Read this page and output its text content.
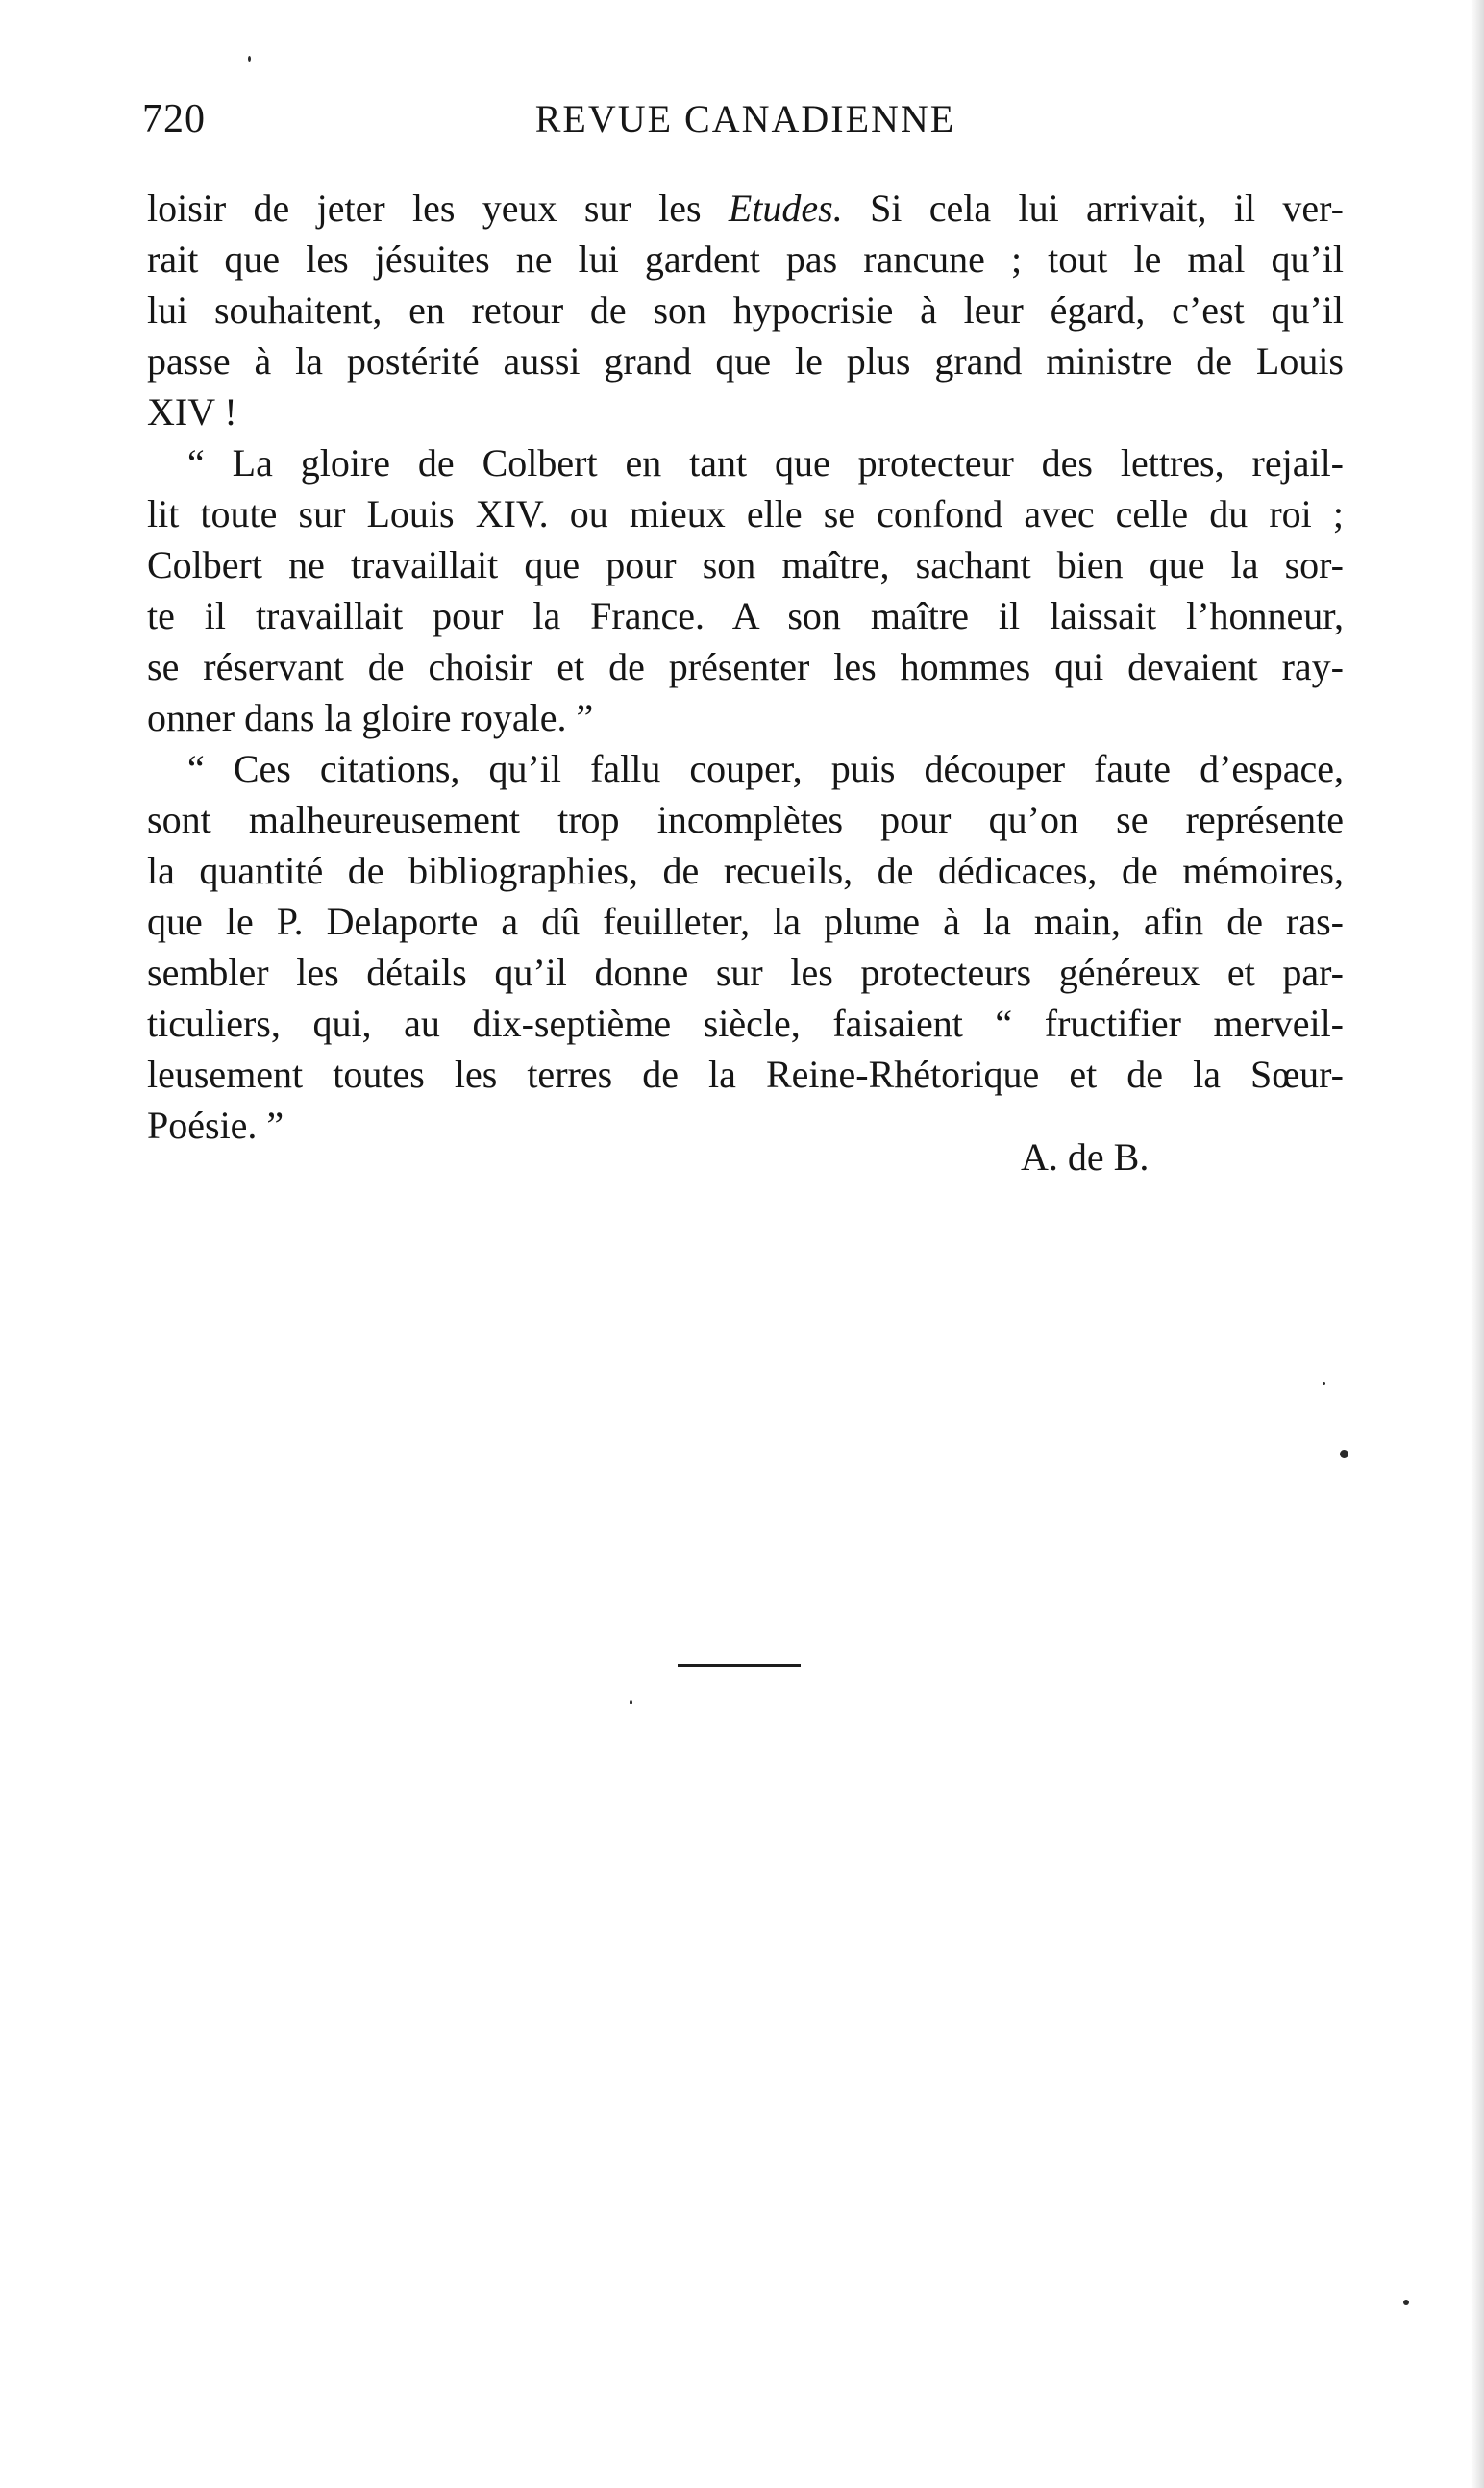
720	REVUE CANADIENNE
loisir de jeter les yeux sur les Etudes. Si cela lui arrivait, il ver-
rait que les jésuites ne lui gardent pas rancune ; tout le mal qu’il
lui souhaitent, en retour de son hypocrisie à leur égard, c’est qu’il
passe à la postérité aussi grand que le plus grand ministre de Louis
XIV !
“ La gloire de Colbert en tant que protecteur des lettres, rejail-
lit toute sur Louis XIV. ou mieux elle se confond avec celle du roi ;
Colbert ne travaillait que pour son maître, sachant bien que la sor-
te il travaillait pour la France. A son maître il laissait l’honneur,
se réservant de choisir et de présenter les hommes qui devaient ray-
onner dans la gloire royale. ”
“ Ces citations, qu’il fallu couper, puis découper faute d’espace,
sont malheureusement trop incomplètes pour qu’on se représente
la quantité de bibliographies, de recueils, de dédicaces, de mémoires,
que le P. Delaporte a dû feuilleter, la plume à la main, afin de ras-
sembler les détails qu’il donne sur les protecteurs généreux et par-
ticuliers, qui, au dix-septième siècle, faisaient “ fructifier merveil-
leusement toutes les terres de la Reine-Rhétorique et de la Sœur-
Poésie. ”
A. de B.
